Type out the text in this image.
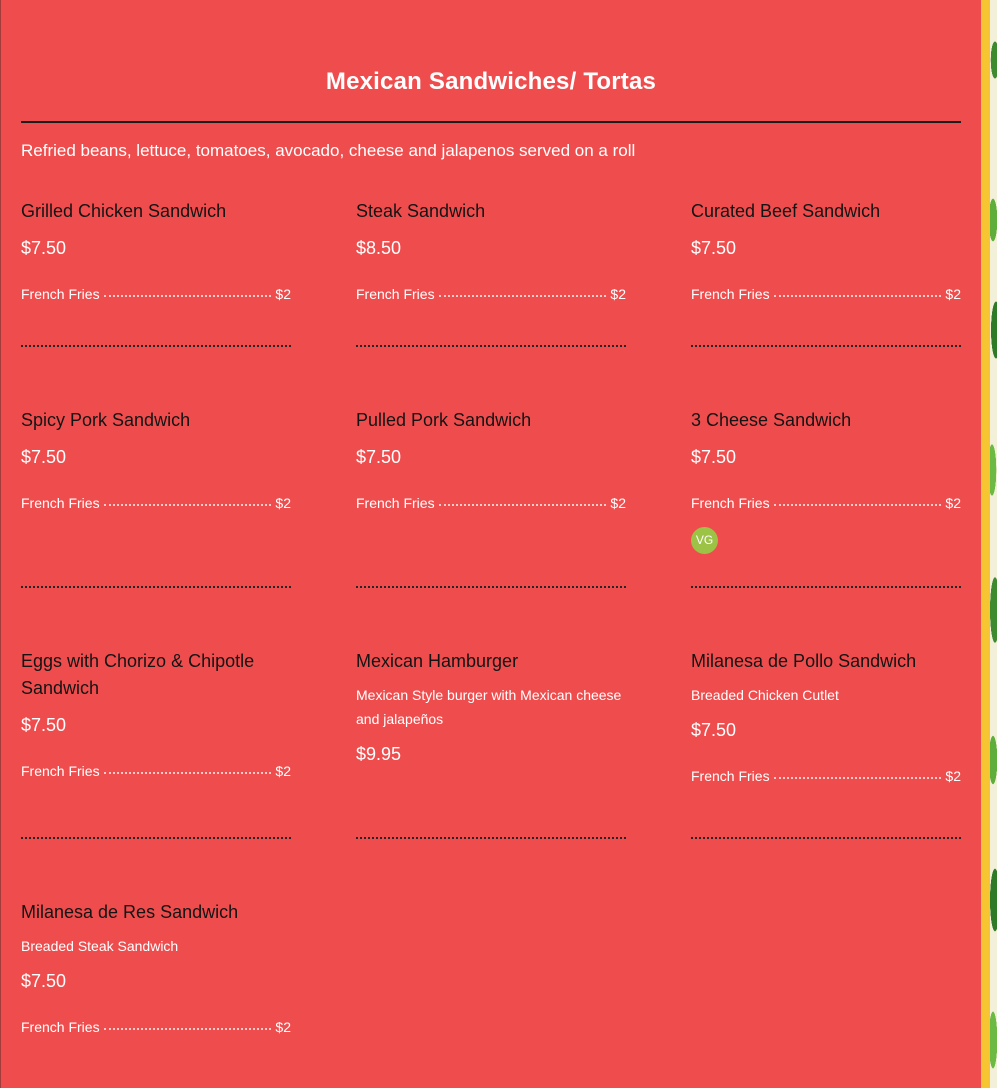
Mexican Sandwiches/ Tortas
Refried beans, lettuce, tomatoes, avocado, cheese and jalapenos served on a roll
Grilled Chicken Sandwich
$7.50
French Fries	$2
Steak Sandwich
$8.50
French Fries	$2
Curated Beef Sandwich
$7.50
French Fries	$2
Spicy Pork Sandwich
$7.50
French Fries	$2
Pulled Pork Sandwich
$7.50
French Fries	$2
3 Cheese Sandwich
$7.50
French Fries	$2
VG
Eggs with Chorizo & Chipotle Sandwich
$7.50
French Fries	$2
Mexican Hamburger
Mexican Style burger with Mexican cheese and jalapeños
$9.95
Milanesa de Pollo Sandwich
Breaded Chicken Cutlet
$7.50
French Fries	$2
Milanesa de Res Sandwich
Breaded Steak Sandwich
$7.50
French Fries	$2
